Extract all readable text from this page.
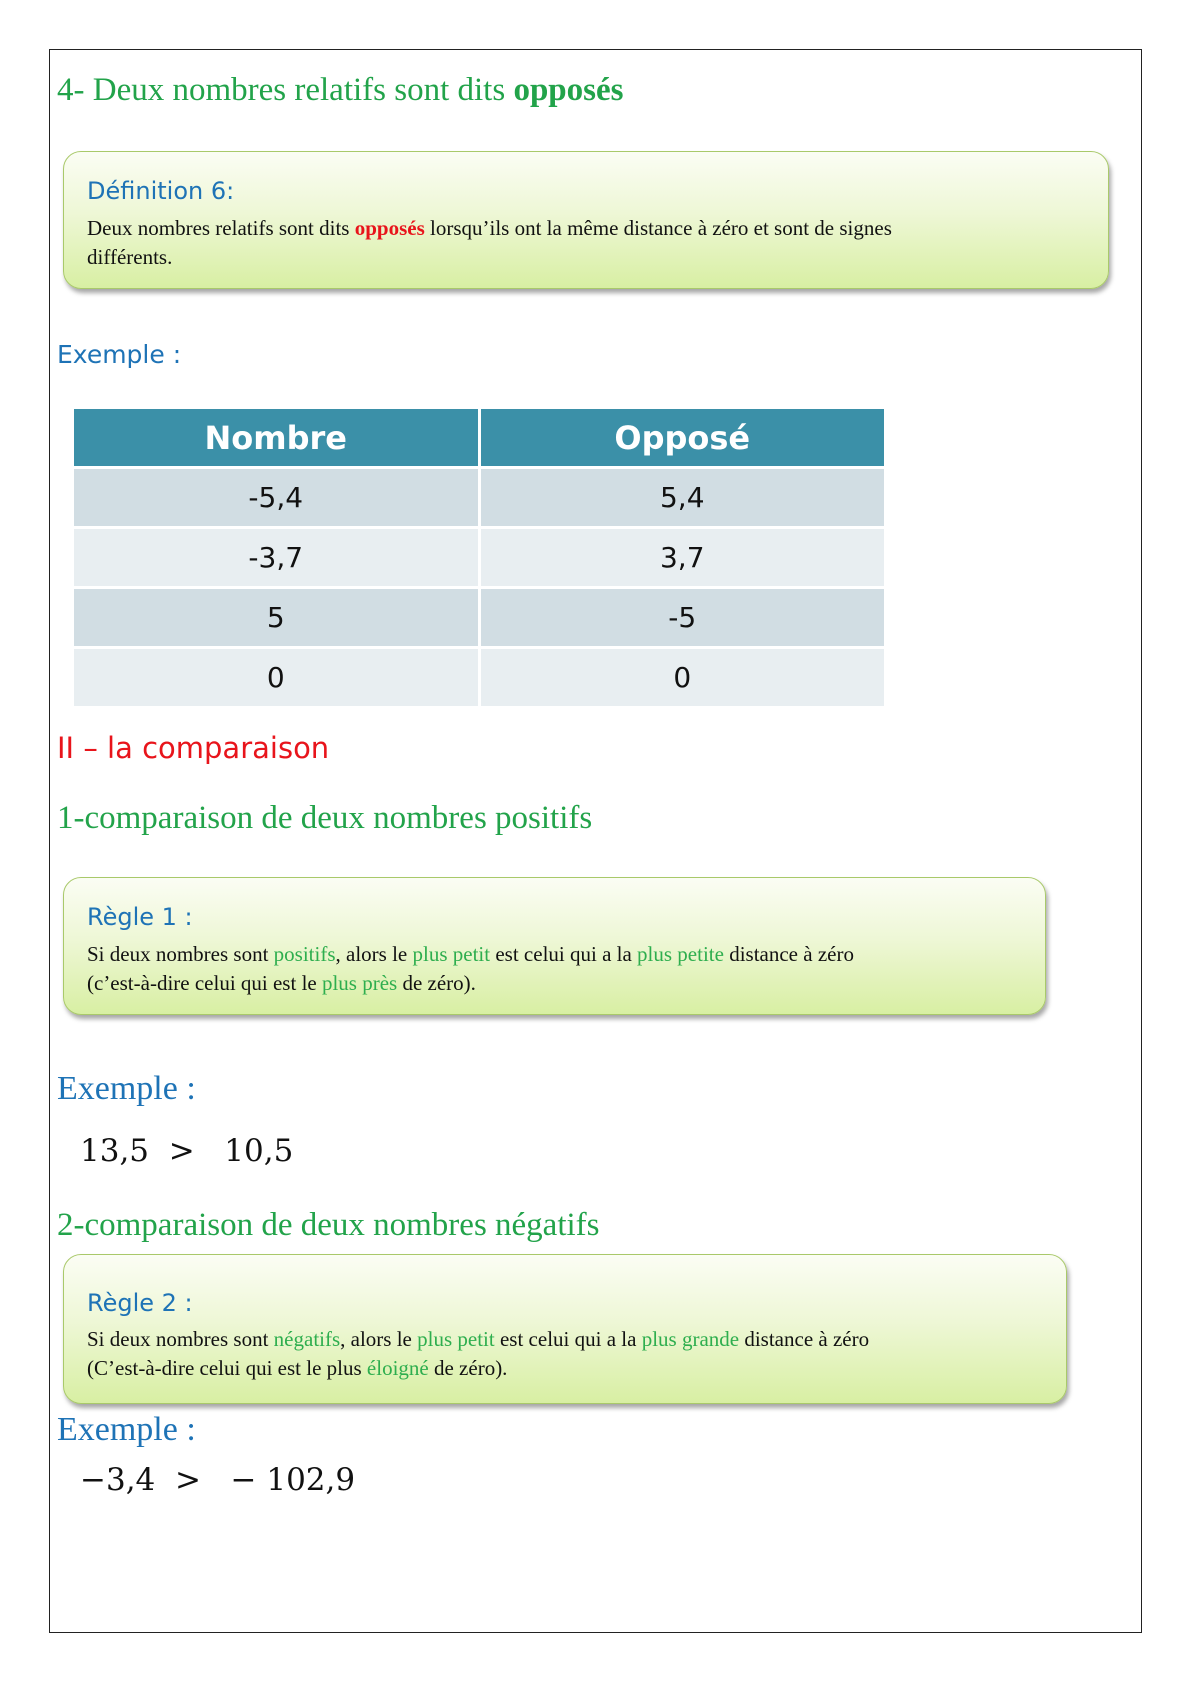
4- Deux nombres relatifs sont dits opposés
Définition 6:
Deux nombres relatifs sont dits opposés lorsqu’ils ont la même distance à zéro et sont de signes
différents.
Exemple :
Nombre	Opposé
-5,4	5,4
-3,7	3,7
5	-5
0	0
II – la comparaison
1-comparaison de deux nombres positifs
Règle 1 :
Si deux nombres sont positifs, alors le plus petit est celui qui a la plus petite distance à zéro
(c’est-à-dire celui qui est le plus près de zéro).
Exemple :
13,5  >   10,5
2-comparaison de deux nombres négatifs
Règle 2 :
Si deux nombres sont négatifs, alors le plus petit est celui qui a la plus grande distance à zéro
(C’est-à-dire celui qui est le plus éloigné de zéro).
Exemple :
−3,4  >   − 102,9
